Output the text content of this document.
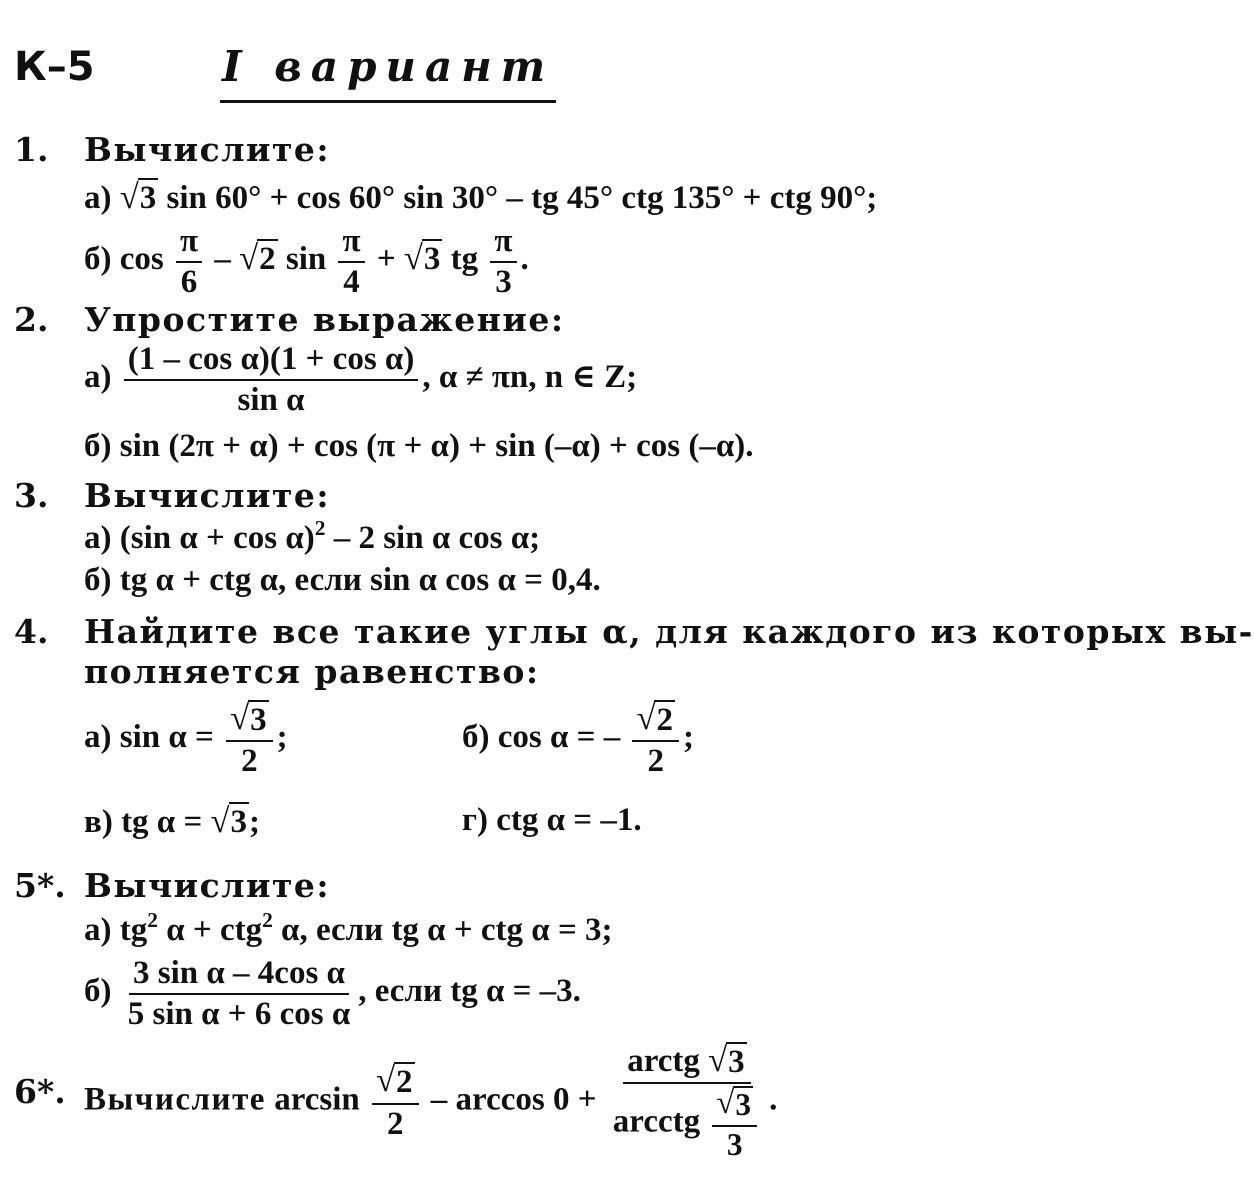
К–5	I вариант
1. Вычислите:
а) √ 3 sin 60° + cos 60° sin 30° – tg 45° ctg 135° + ctg 90°;
б) $\cos \frac{\pi}{6}$ – √ 2 $\sin \frac{\pi}{4}$ + √ 3 tg $\frac{\pi}{3}$ .
2. Упростите выражение:
$а) \frac{\text{(1 – cos α)(1 + cos α)}}{\text{sin α}}$ , α ≠ πn, n ∈ Z;
б) sin (2π + α) + cos (π + α) + sin (–α) + cos (–α).
3. Вычислите:
а) (sin α + cos α)$^2$ – 2 sin α cos α;
б) tg α + ctg α, если sin α cos α = 0,4.
4. Найдите все такие углы α, для каждого из которых вы-
полняется равенство:
а) $\sin \alpha = \frac{√ 3}{2}$ ;	б) cos α = – $\frac{√ 2}{2}$ ;
в) tg α = √ 3 ;	г) ctg α = –1.
5*. Вычислите:
а) $tg^2$ α + ctg$^2$ α, если tg α + ctg α = 3;
$б) \frac{\text{3 sin α – 4cos α}}{\text{5 sin α + 6 cos α}}$ , если tg α = –3.
6*. Вычислите $\arcsin \frac{√ 2}{2} - \arccos 0 + \frac{\text{arctg √ 3}}{arcctg \frac{√ 3}{3}}$ .
